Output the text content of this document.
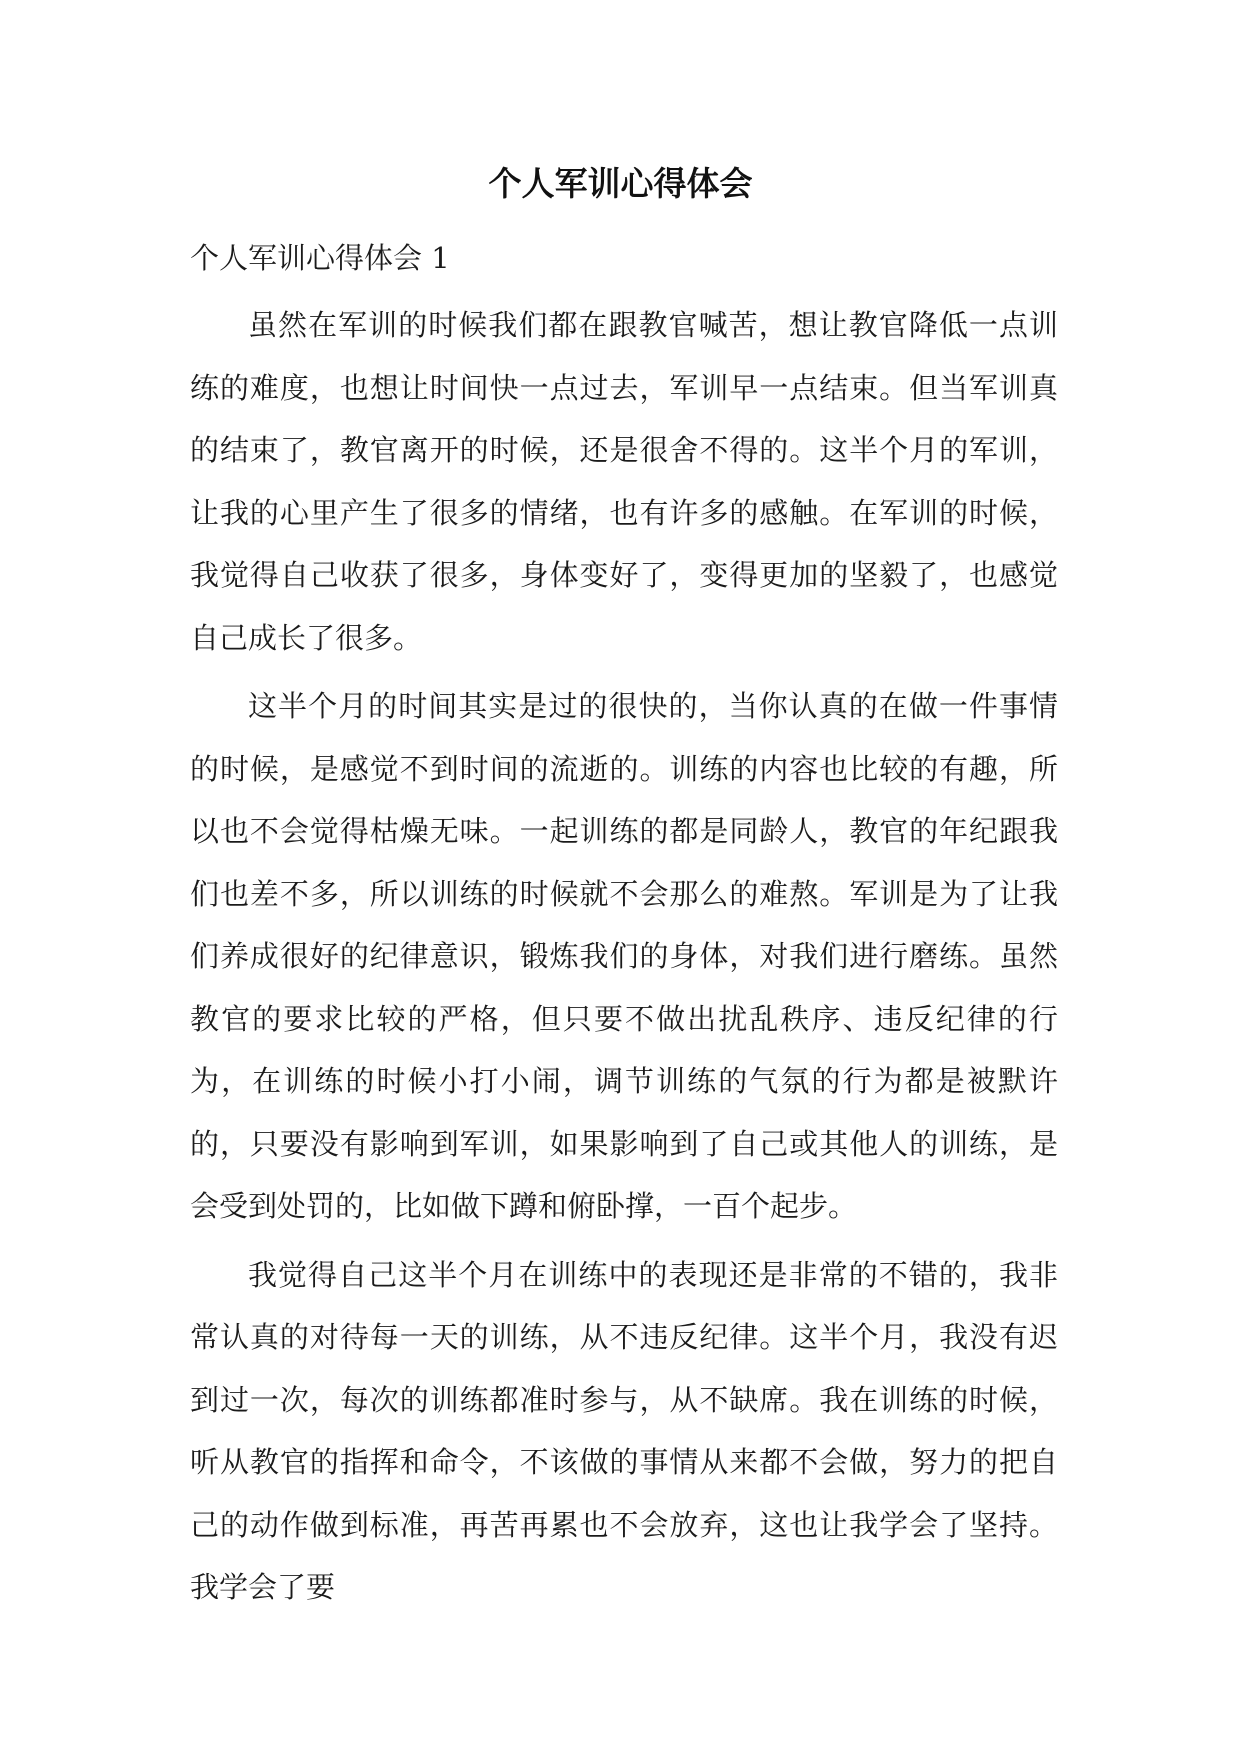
个人军训心得体会

个人军训心得体会 1

虽然在军训的时候我们都在跟教官喊苦，想让教官降低一点训练的难度，也想让时间快一点过去，军训早一点结束。但当军训真的结束了，教官离开的时候，还是很舍不得的。这半个月的军训，让我的心里产生了很多的情绪，也有许多的感触。在军训的时候，我觉得自己收获了很多，身体变好了，变得更加的坚毅了，也感觉自己成长了很多。

这半个月的时间其实是过的很快的，当你认真的在做一件事情的时候，是感觉不到时间的流逝的。训练的内容也比较的有趣，所以也不会觉得枯燥无味。一起训练的都是同龄人，教官的年纪跟我们也差不多，所以训练的时候就不会那么的难熬。军训是为了让我们养成很好的纪律意识，锻炼我们的身体，对我们进行磨练。虽然教官的要求比较的严格，但只要不做出扰乱秩序、违反纪律的行为，在训练的时候小打小闹，调节训练的气氛的行为都是被默许的，只要没有影响到军训，如果影响到了自己或其他人的训练，是会受到处罚的，比如做下蹲和俯卧撑，一百个起步。

我觉得自己这半个月在训练中的表现还是非常的不错的，我非常认真的对待每一天的训练，从不违反纪律。这半个月，我没有迟到过一次，每次的训练都准时参与，从不缺席。我在训练的时候，听从教官的指挥和命令，不该做的事情从来都不会做，努力的把自己的动作做到标准，再苦再累也不会放弃，这也让我学会了坚持。我学会了要
